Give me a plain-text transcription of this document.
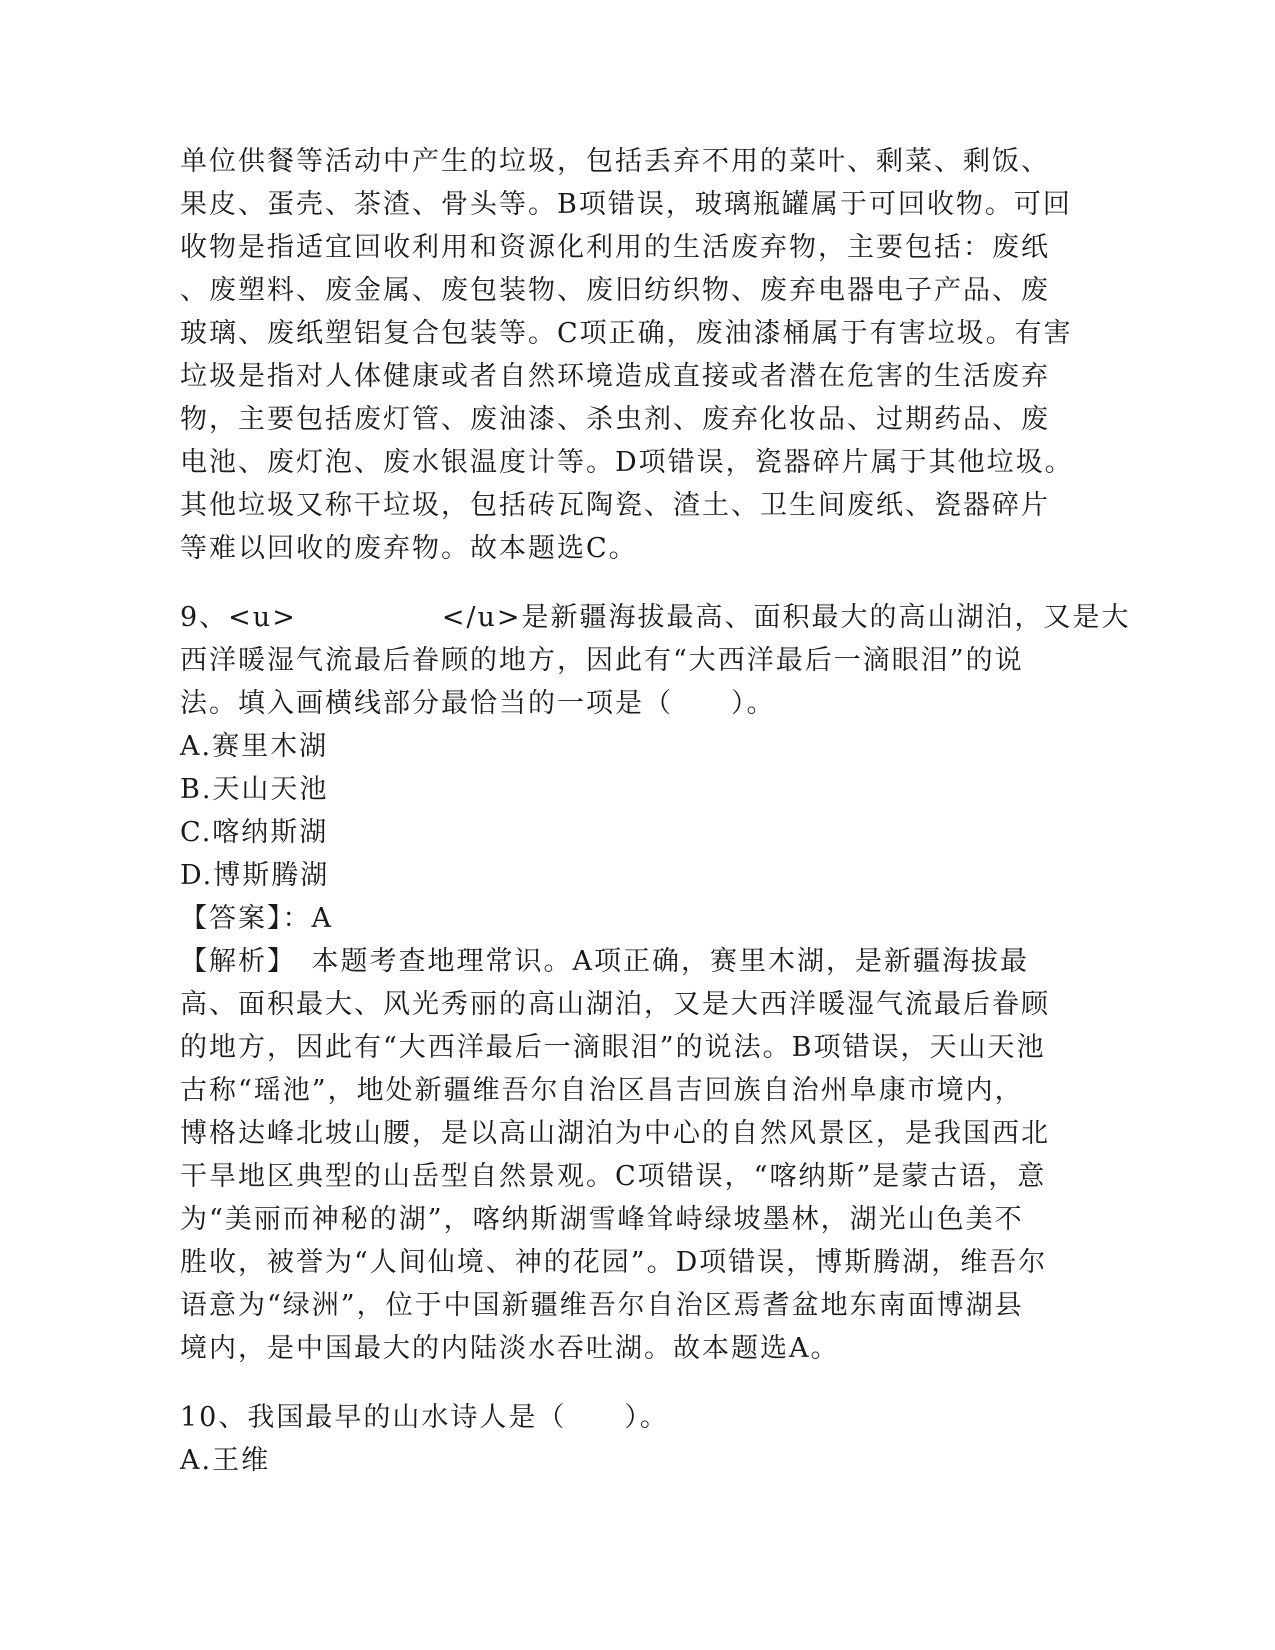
单位供餐等活动中产生的垃圾，包括丢弃不用的菜叶、剩菜、剩饭、
果皮、蛋壳、茶渣、骨头等。B项错误，玻璃瓶罐属于可回收物。可回
收物是指适宜回收利用和资源化利用的生活废弃物，主要包括：废纸
、废塑料、废金属、废包装物、废旧纺织物、废弃电器电子产品、废
玻璃、废纸塑铝复合包装等。C项正确，废油漆桶属于有害垃圾。有害
垃圾是指对人体健康或者自然环境造成直接或者潜在危害的生活废弃
物，主要包括废灯管、废油漆、杀虫剂、废弃化妆品、过期药品、废
电池、废灯泡、废水银温度计等。D项错误，瓷器碎片属于其他垃圾。
其他垃圾又称干垃圾，包括砖瓦陶瓷、渣土、卫生间废纸、瓷器碎片
等难以回收的废弃物。故本题选C。
9、<u>　　　　　</u>是新疆海拔最高、面积最大的高山湖泊，又是大
西洋暖湿气流最后眷顾的地方，因此有“大西洋最后一滴眼泪”的说
法。填入画横线部分最恰当的一项是（　　）。
A.赛里木湖
B.天山天池
C.喀纳斯湖
D.博斯腾湖
【答案】：A
【解析】　本题考查地理常识。A项正确，赛里木湖，是新疆海拔最
高、面积最大、风光秀丽的高山湖泊，又是大西洋暖湿气流最后眷顾
的地方，因此有“大西洋最后一滴眼泪”的说法。B项错误，天山天池
古称“瑶池”，地处新疆维吾尔自治区昌吉回族自治州阜康市境内，
博格达峰北坡山腰，是以高山湖泊为中心的自然风景区，是我国西北
干旱地区典型的山岳型自然景观。C项错误，“喀纳斯”是蒙古语，意
为“美丽而神秘的湖”，喀纳斯湖雪峰耸峙绿坡墨林，湖光山色美不
胜收，被誉为“人间仙境、神的花园”。D项错误，博斯腾湖，维吾尔
语意为“绿洲”，位于中国新疆维吾尔自治区焉耆盆地东南面博湖县
境内，是中国最大的内陆淡水吞吐湖。故本题选A。
10、我国最早的山水诗人是（　　）。
A.王维
